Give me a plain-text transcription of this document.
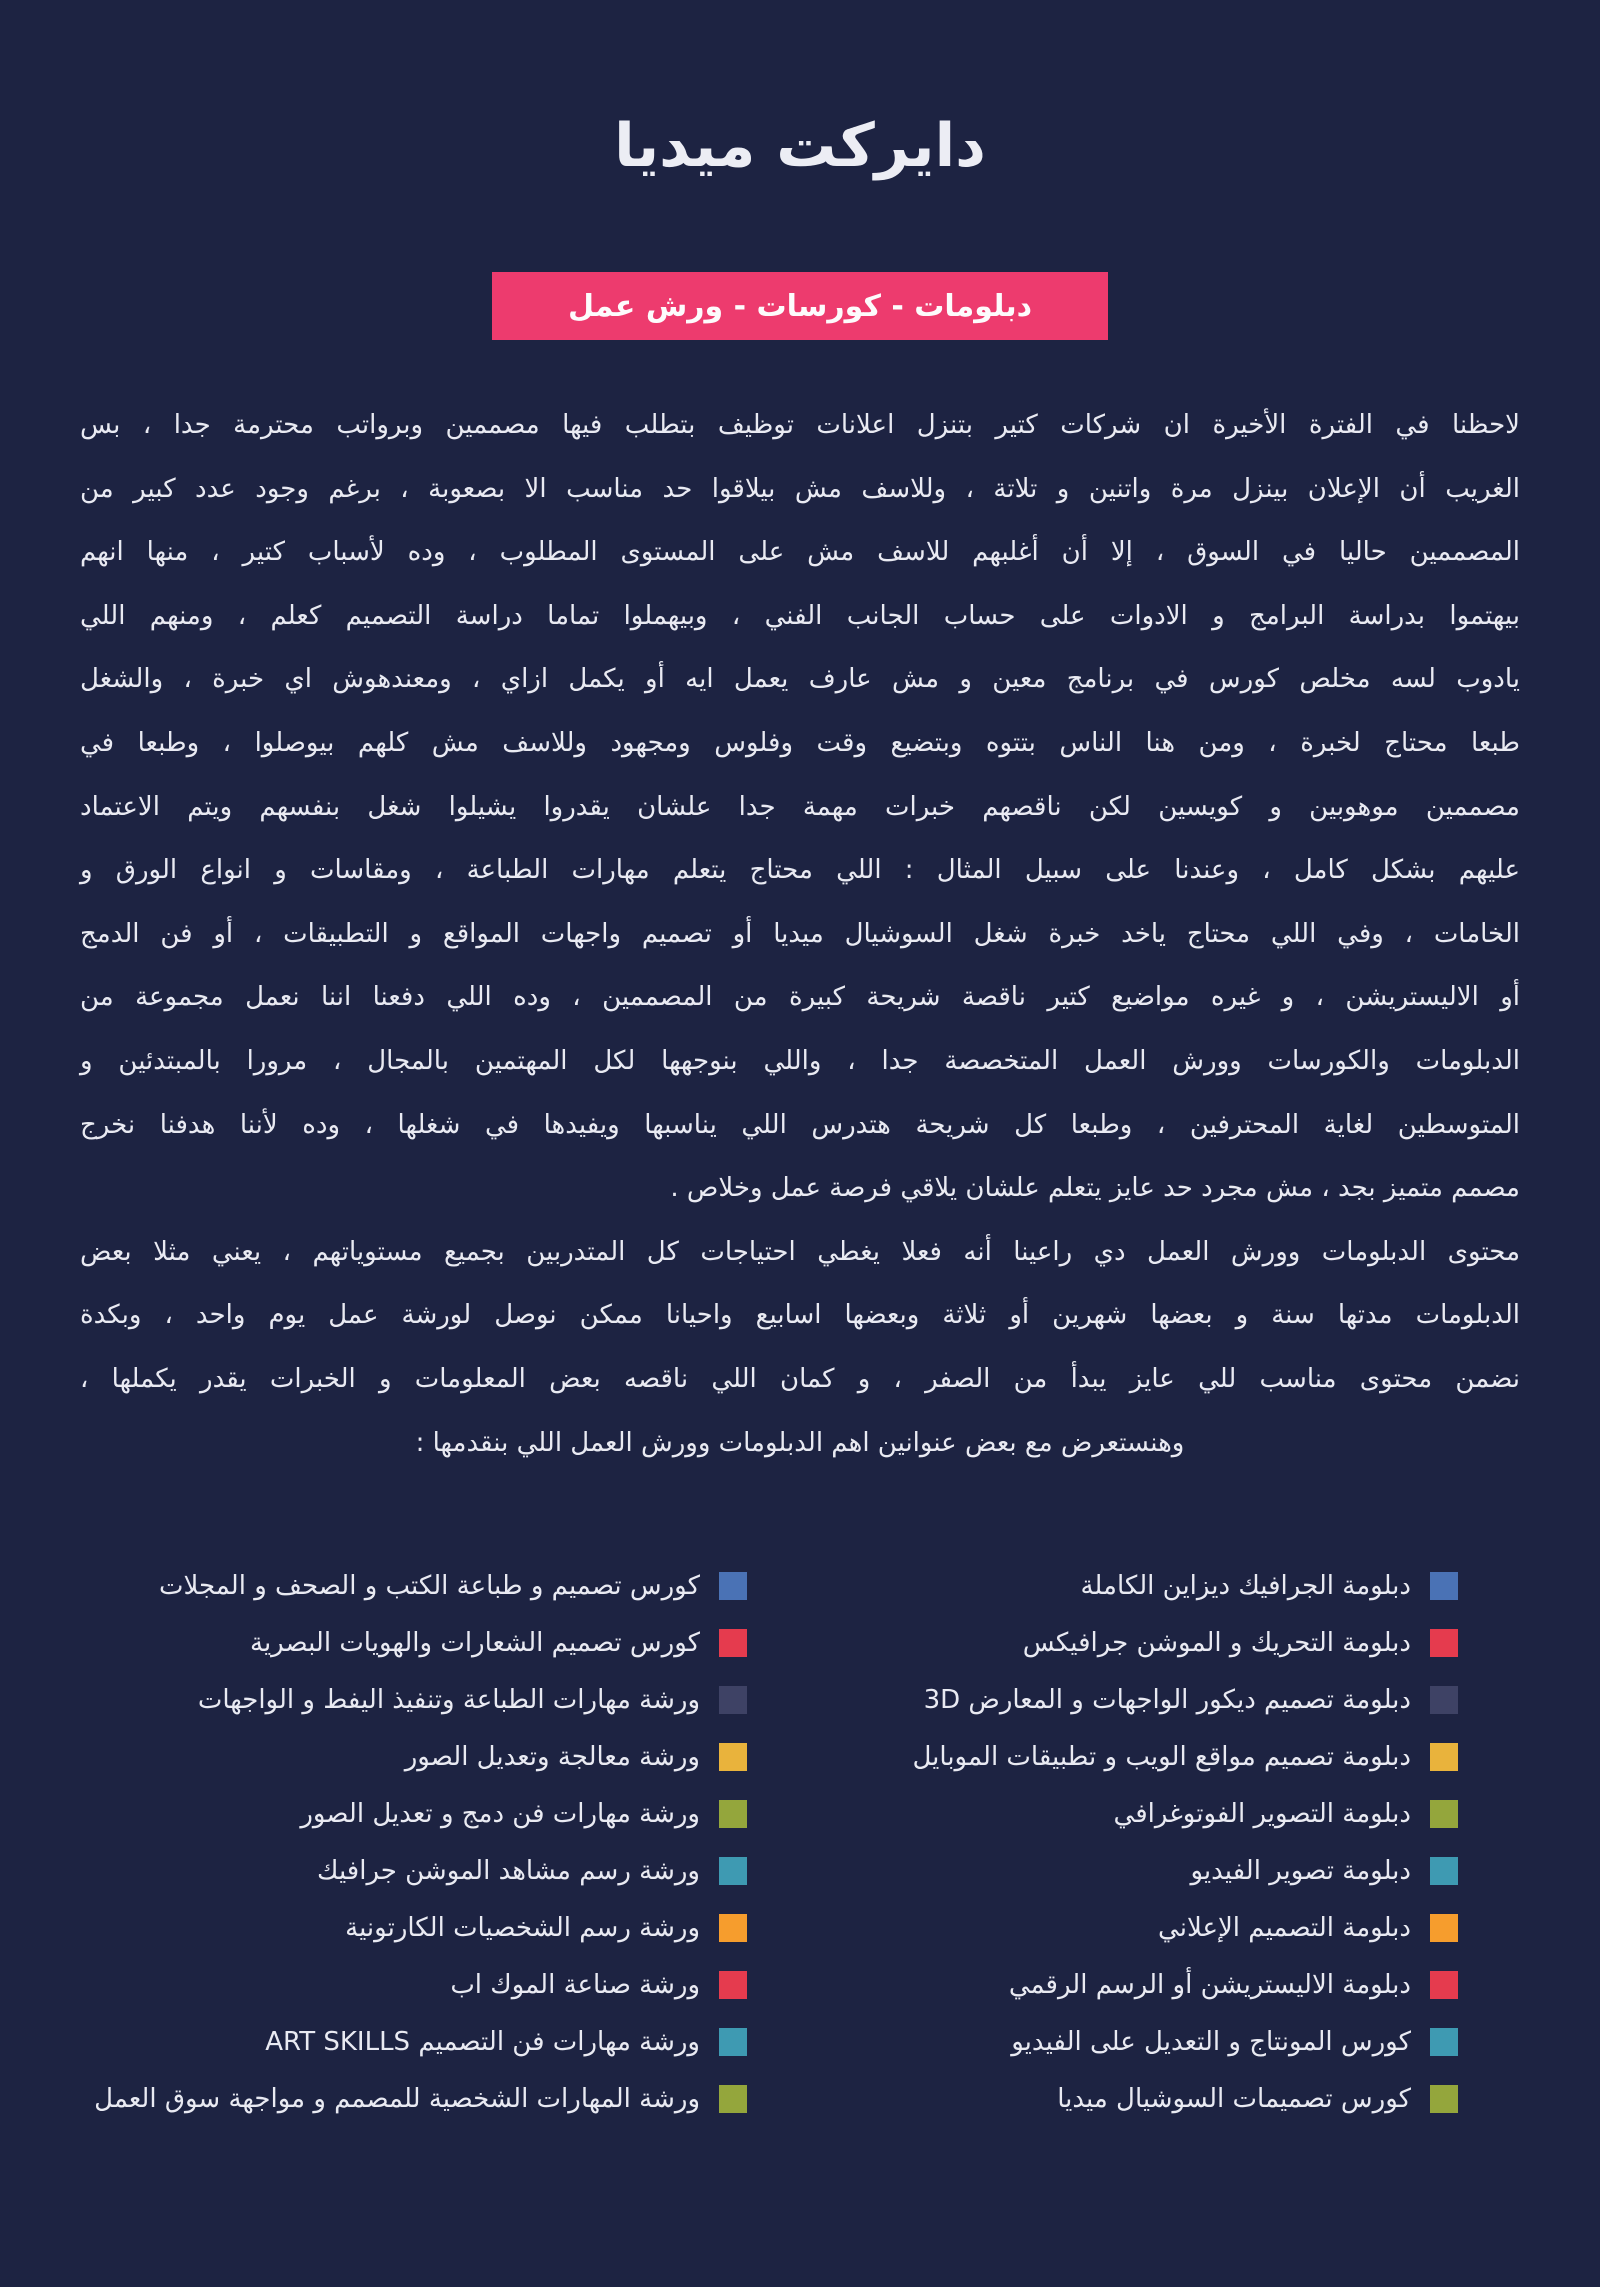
دايركت ميديا
دبلومات - كورسات - ورش عمل
لاحظنا في الفترة الأخيرة ان شركات كتير بتنزل اعلانات توظيف بتطلب فيها مصممين وبرواتب محترمة جدا ، بس
الغريب أن الإعلان بينزل مرة واتنين و تلاتة ، وللاسف مش بيلاقوا حد مناسب الا بصعوبة ، برغم وجود عدد كبير من
المصممين حاليا في السوق ، إلا أن أغلبهم للاسف مش على المستوى المطلوب ، وده لأسباب كتير ، منها انهم
بيهتموا بدراسة البرامج و الادوات على حساب الجانب الفني ، وبيهملوا تماما دراسة التصميم كعلم ، ومنهم اللي
يادوب لسه مخلص كورس في برنامج معين و مش عارف يعمل ايه أو يكمل ازاي ، ومعندهوش اي خبرة ، والشغل
طبعا محتاج لخبرة ، ومن هنا الناس بتتوه وبتضيع وقت وفلوس ومجهود وللاسف مش كلهم بيوصلوا ، وطبعا في
مصممين موهوبين و كويسين لكن ناقصهم خبرات مهمة جدا علشان يقدروا يشيلوا شغل بنفسهم ويتم الاعتماد
عليهم بشكل كامل ، وعندنا على سبيل المثال : اللي محتاج يتعلم مهارات الطباعة ، ومقاسات و انواع الورق و
الخامات ، وفي اللي محتاج ياخد خبرة شغل السوشيال ميديا أو تصميم واجهات المواقع و التطبيقات ، أو فن الدمج
أو الاليستريشن ، و غيره مواضيع كتير ناقصة شريحة كبيرة من المصممين ، وده اللي دفعنا اننا نعمل مجموعة من
الدبلومات والكورسات وورش العمل المتخصصة جدا ، واللي بنوجهها لكل المهتمين بالمجال ، مرورا بالمبتدئين و
المتوسطين لغاية المحترفين ، وطبعا كل شريحة هتدرس اللي يناسبها ويفيدها في شغلها ، وده لأننا هدفنا نخرج
مصمم متميز بجد ، مش مجرد حد عايز يتعلم علشان يلاقي فرصة عمل وخلاص .
محتوى الدبلومات وورش العمل دي راعينا أنه فعلا يغطي احتياجات كل المتدربين بجميع مستوياتهم ، يعني مثلا بعض
الدبلومات مدتها سنة و بعضها شهرين أو ثلاثة وبعضها اسابيع واحيانا ممكن نوصل لورشة عمل يوم واحد ، وبكدة
نضمن محتوى مناسب للي عايز يبدأ من الصفر ، و كمان اللي ناقصه بعض المعلومات و الخبرات يقدر يكملها ،
وهنستعرض مع بعض عنوانين اهم الدبلومات وورش العمل اللي بنقدمها :
دبلومة الجرافيك ديزاين الكاملة
دبلومة التحريك و الموشن جرافيكس
دبلومة تصميم ديكور الواجهات و المعارض 3D
دبلومة تصميم مواقع الويب و تطبيقات الموبايل
دبلومة التصوير الفوتوغرافي
دبلومة تصوير الفيديو
دبلومة التصميم الإعلاني
دبلومة الاليستريشن أو الرسم الرقمي
كورس المونتاج و التعديل على الفيديو
كورس تصميمات السوشيال ميديا
كورس تصميم و طباعة الكتب و الصحف و المجلات
كورس تصميم الشعارات والهويات البصرية
ورشة مهارات الطباعة وتنفيذ اليفط و الواجهات
ورشة معالجة وتعديل الصور
ورشة مهارات فن دمج و تعديل الصور
ورشة رسم مشاهد الموشن جرافيك
ورشة رسم الشخصيات الكارتونية
ورشة صناعة الموك اب
ورشة مهارات فن التصميم ART SKILLS
ورشة المهارات الشخصية للمصمم و مواجهة سوق العمل
